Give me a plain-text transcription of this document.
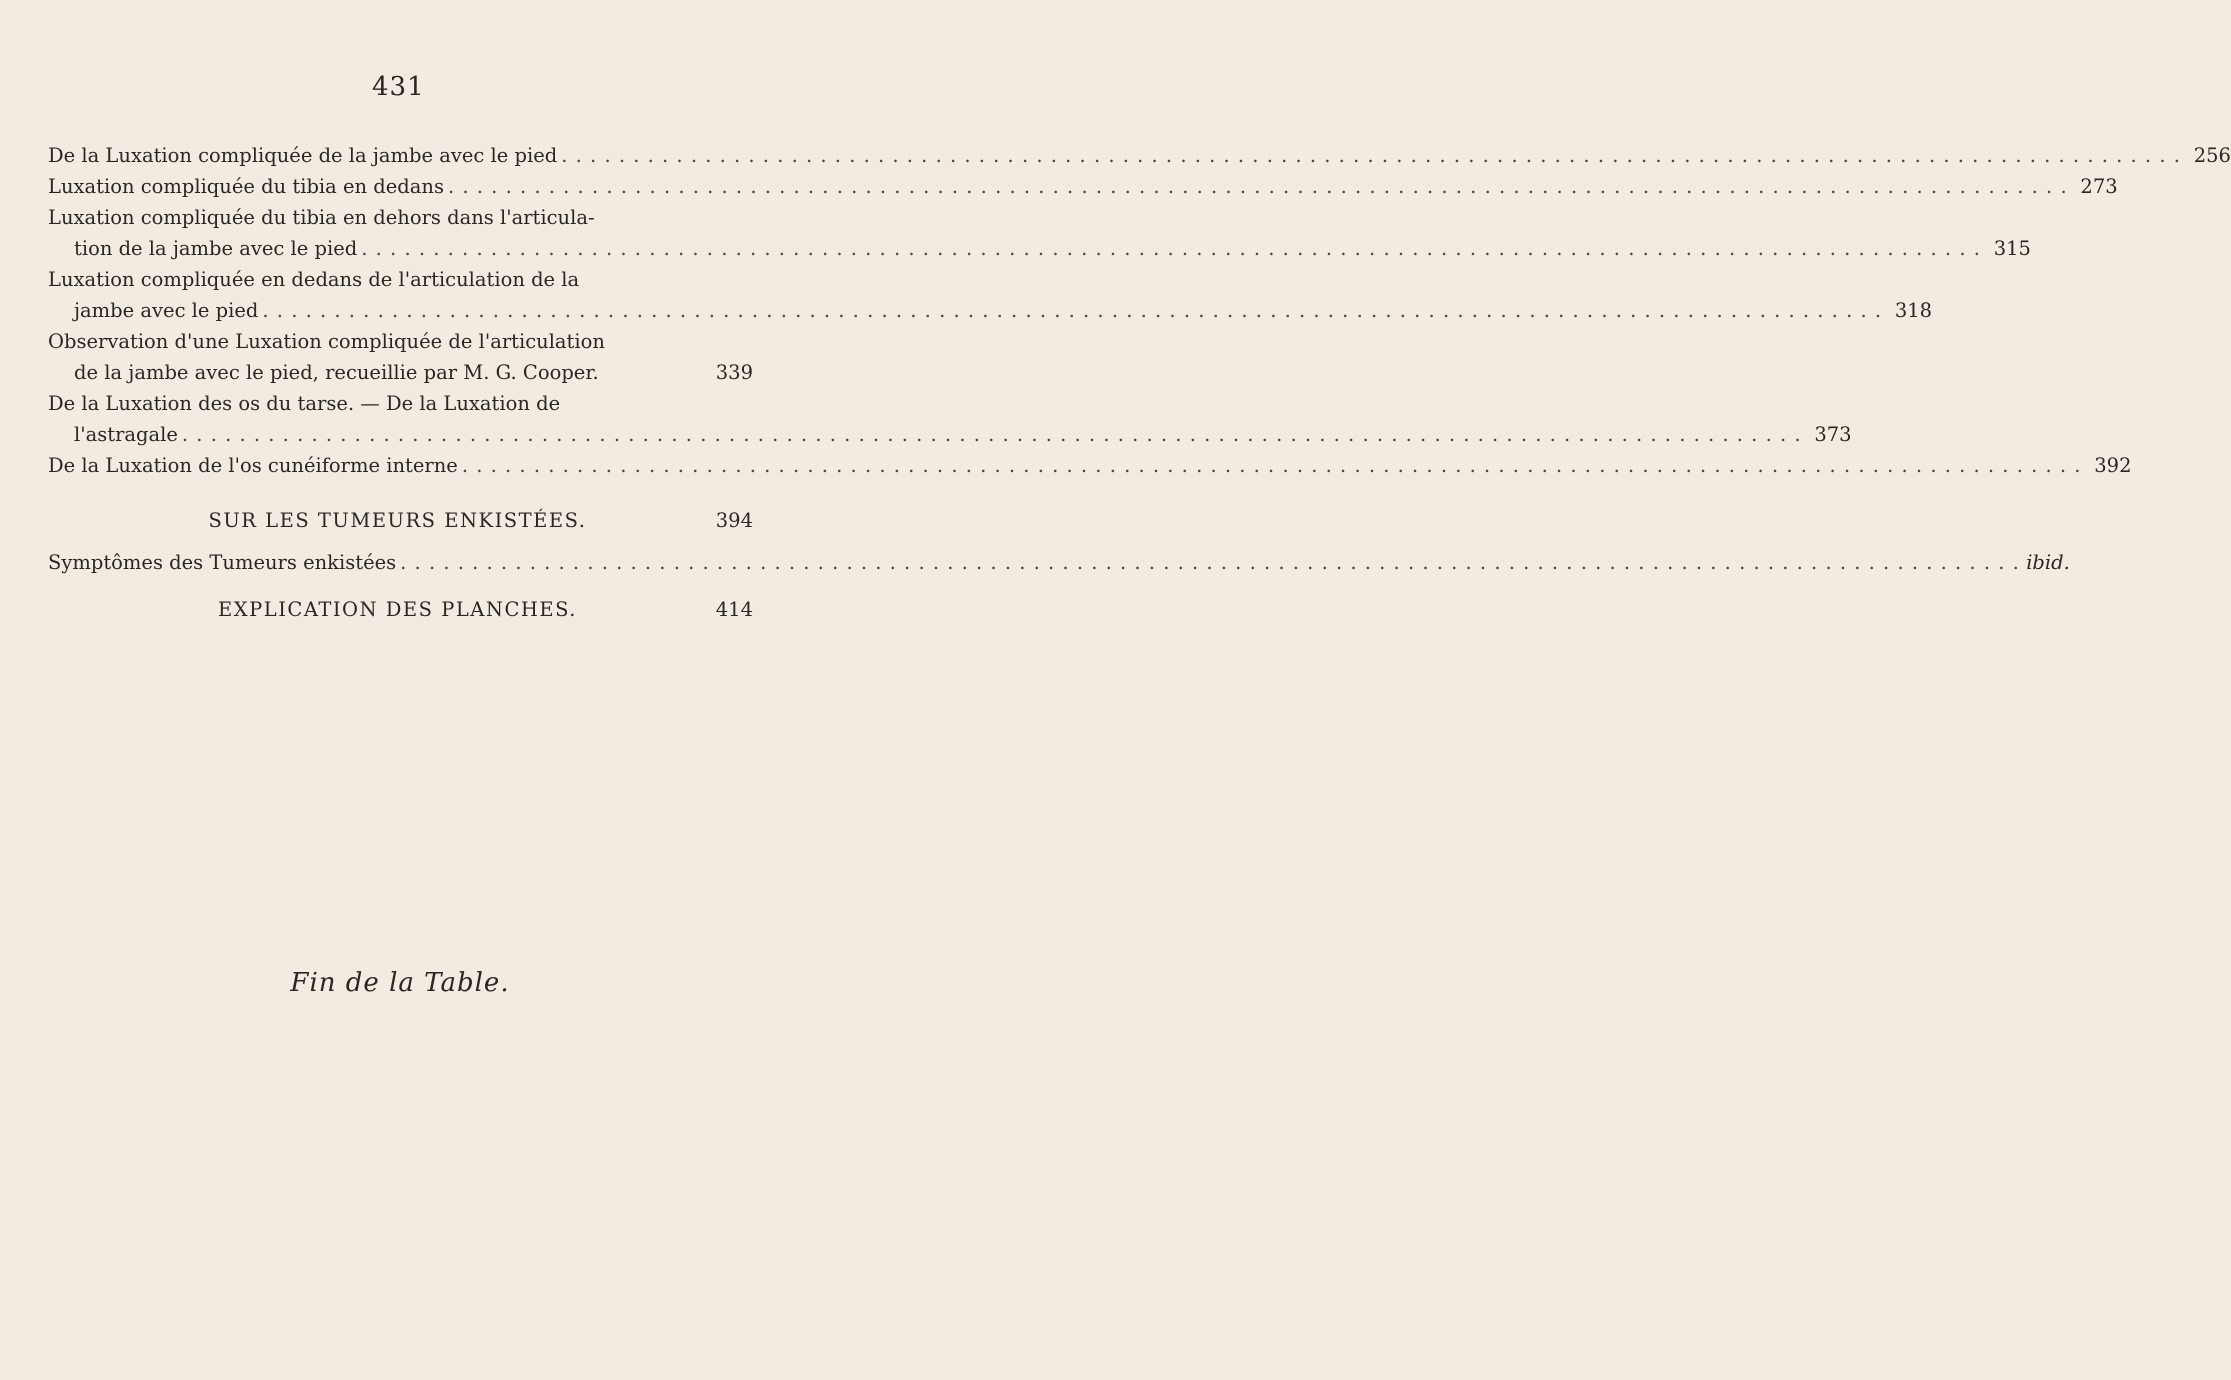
431
De la Luxation compliquée de la jambe avec le pied . . .	256
Luxation compliquée du tibia en dedans . . .	273
Luxation compliquée du tibia en dehors dans l'articula-
tion de la jambe avec le pied . . .	315
Luxation compliquée en dedans de l'articulation de la
jambe avec le pied . . .	318
Observation d'une Luxation compliquée de l'articulation
de la jambe avec le pied, recueillie par M. G. Cooper.	339
De la Luxation des os du tarse. — De la Luxation de
l'astragale . . .	373
De la Luxation de l'os cunéiforme interne . . .	392
SUR LES TUMEURS ENKISTÉES.	394
Symptômes des Tumeurs enkistées . . .	ibid.
EXPLICATION DES PLANCHES.	414
Fin de la Table.
